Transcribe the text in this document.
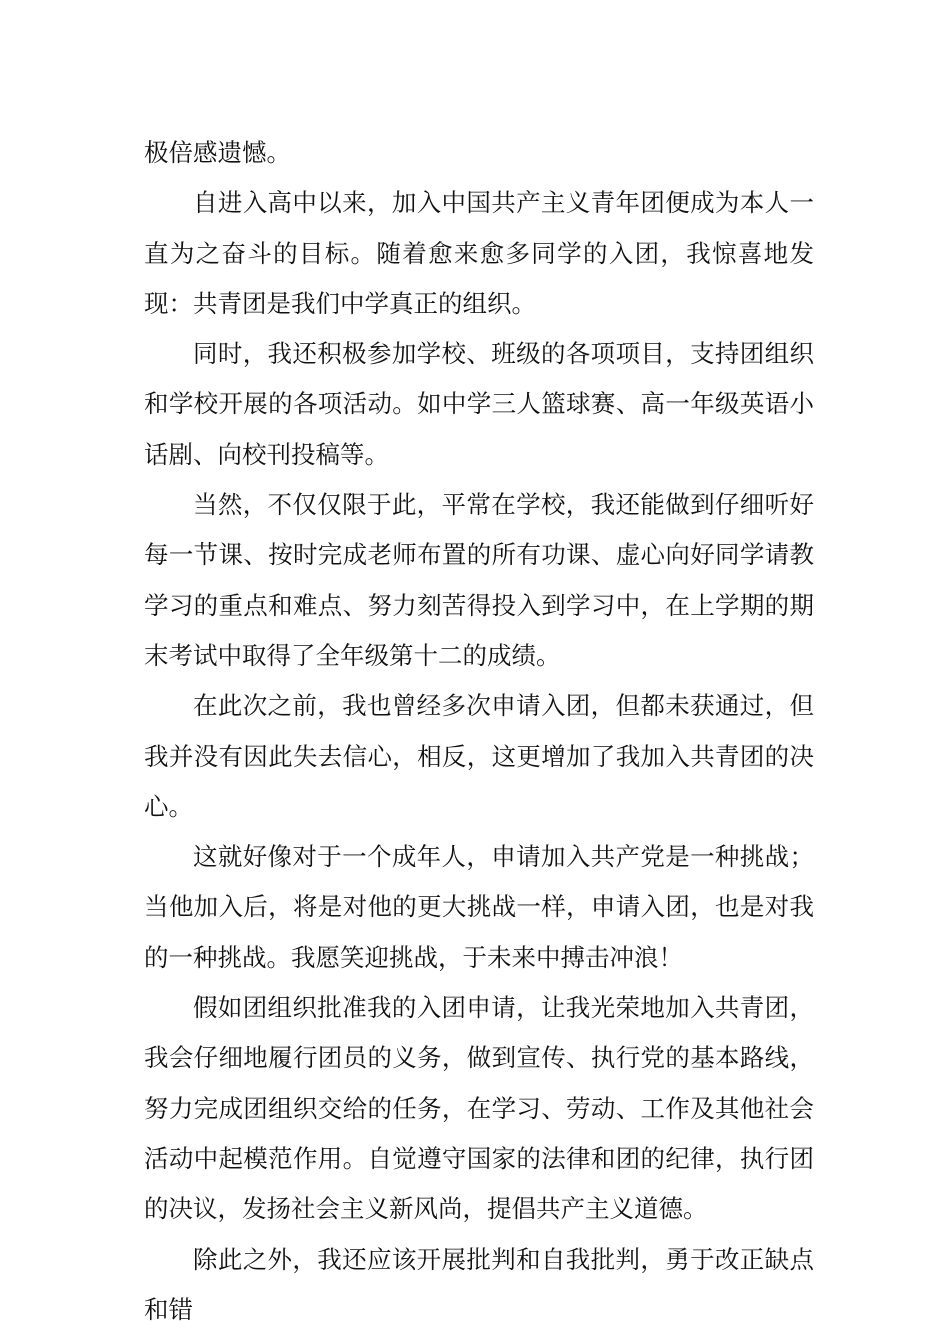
极倍感遗憾。

自进入高中以来，加入中国共产主义青年团便成为本人一直为之奋斗的目标。随着愈来愈多同学的入团，我惊喜地发现：共青团是我们中学真正的组织。

同时，我还积极参加学校、班级的各项项目，支持团组织和学校开展的各项活动。如中学三人篮球赛、高一年级英语小话剧、向校刊投稿等。

当然，不仅仅限于此，平常在学校，我还能做到仔细听好每一节课、按时完成老师布置的所有功课、虚心向好同学请教学习的重点和难点、努力刻苦得投入到学习中，在上学期的期末考试中取得了全年级第十二的成绩。

在此次之前，我也曾经多次申请入团，但都未获通过，但我并没有因此失去信心，相反，这更增加了我加入共青团的决心。

这就好像对于一个成年人，申请加入共产党是一种挑战；当他加入后，将是对他的更大挑战一样，申请入团，也是对我的一种挑战。我愿笑迎挑战，于未来中搏击冲浪！

假如团组织批准我的入团申请，让我光荣地加入共青团，我会仔细地履行团员的义务，做到宣传、执行党的基本路线，努力完成团组织交给的任务，在学习、劳动、工作及其他社会活动中起模范作用。自觉遵守国家的法律和团的纪律，执行团的决议，发扬社会主义新风尚，提倡共产主义道德。

除此之外，我还应该开展批判和自我批判，勇于改正缺点和错
